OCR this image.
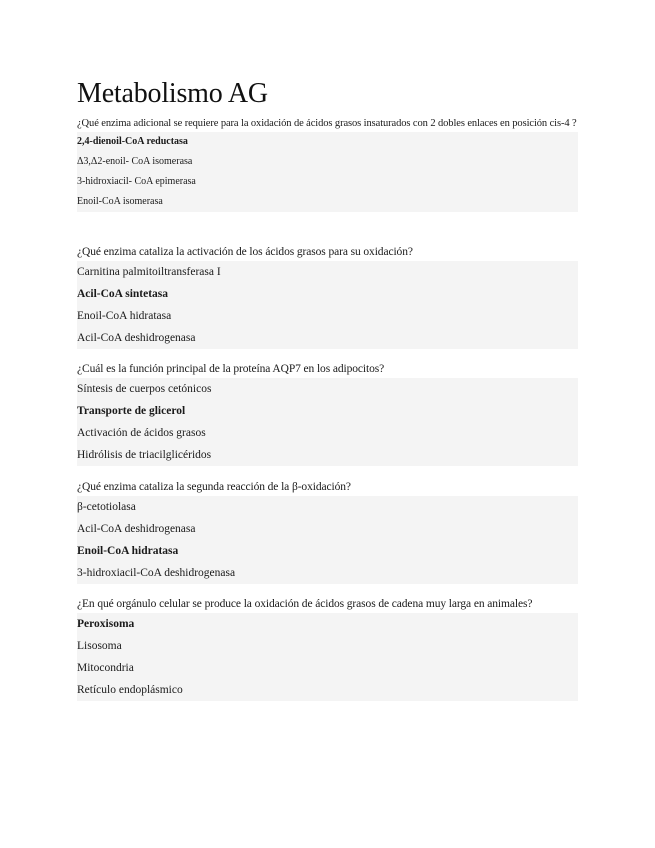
Metabolismo AG

¿Qué enzima adicional se requiere para la oxidación de ácidos grasos insaturados con 2 dobles enlaces en posición cis-4 ?

2,4-dienoil-CoA reductasa
Δ3,Δ2-enoil- CoA isomerasa
3-hidroxiacil- CoA epimerasa
Enoil-CoA isomerasa

¿Qué enzima cataliza la activación de los ácidos grasos para su oxidación?

Carnitina palmitoiltransferasa I
Acil-CoA sintetasa
Enoil-CoA hidratasa
Acil-CoA deshidrogenasa

¿Cuál es la función principal de la proteína AQP7 en los adipocitos?

Síntesis de cuerpos cetónicos
Transporte de glicerol
Activación de ácidos grasos
Hidrólisis de triacilglicéridos

¿Qué enzima cataliza la segunda reacción de la β-oxidación?

β-cetotiolasa
Acil-CoA deshidrogenasa
Enoil-CoA hidratasa
3-hidroxiacil-CoA deshidrogenasa

¿En qué orgánulo celular se produce la oxidación de ácidos grasos de cadena muy larga en animales?

Peroxisoma
Lisosoma
Mitocondria
Retículo endoplásmico
